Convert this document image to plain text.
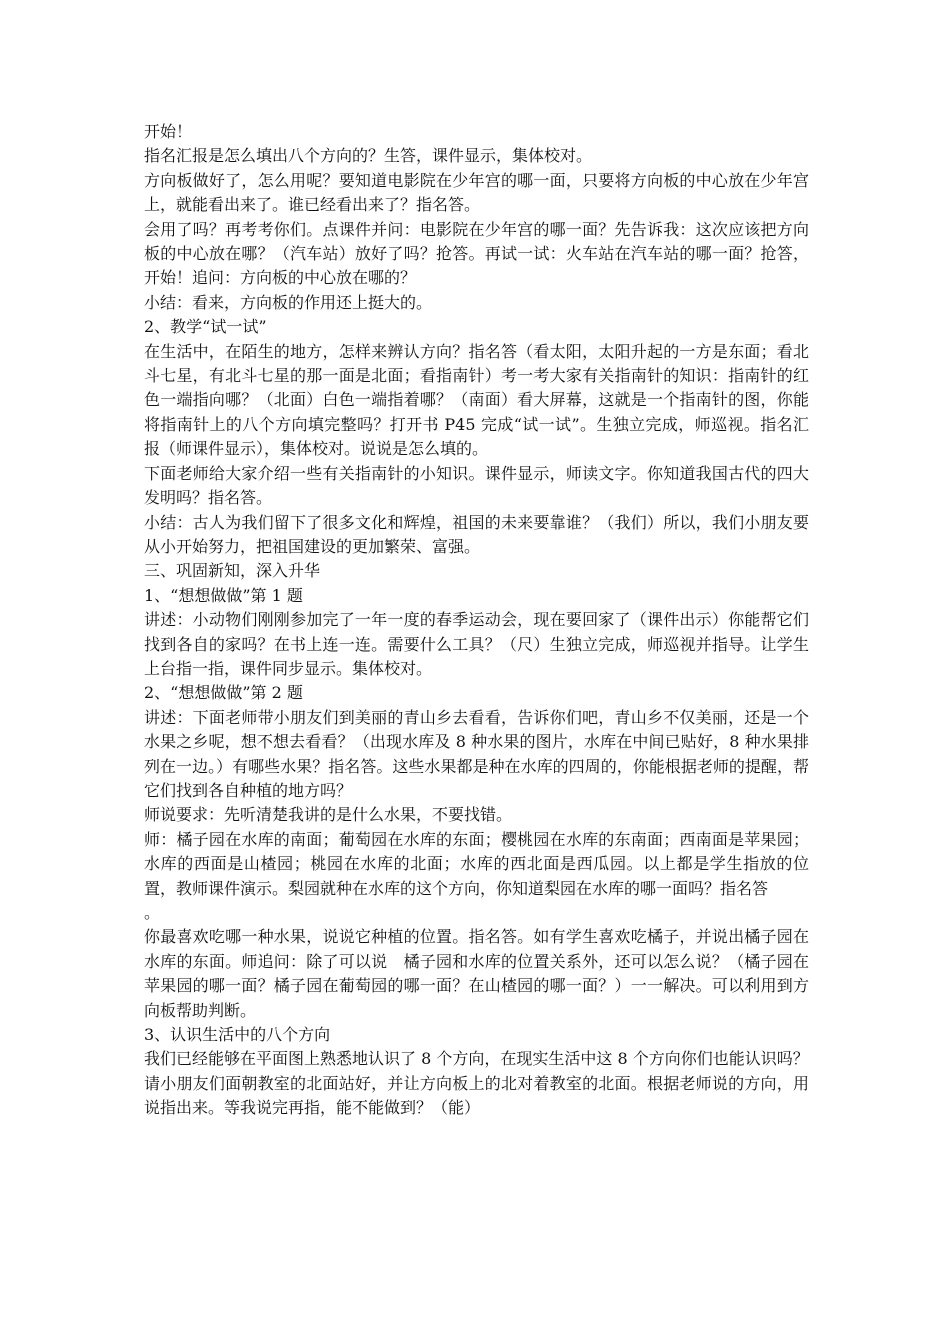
开始！

指名汇报是怎么填出八个方向的？生答，课件显示，集体校对。

方向板做好了，怎么用呢？要知道电影院在少年宫的哪一面，只要将方向板的中心放在少年宫上，就能看出来了。谁已经看出来了？指名答。

会用了吗？再考考你们。点课件并问：电影院在少年宫的哪一面？先告诉我：这次应该把方向板的中心放在哪？（汽车站）放好了吗？抢答。再试一试：火车站在汽车站的哪一面？抢答，开始！追问：方向板的中心放在哪的？

小结：看来，方向板的作用还上挺大的。

2、教学“试一试”

在生活中，在陌生的地方，怎样来辨认方向？指名答（看太阳，太阳升起的一方是东面；看北斗七星，有北斗七星的那一面是北面；看指南针）考一考大家有关指南针的知识：指南针的红色一端指向哪？（北面）白色一端指着哪？（南面）看大屏幕，这就是一个指南针的图，你能将指南针上的八个方向填完整吗？打开书 P45 完成“试一试”。生独立完成，师巡视。指名汇报（师课件显示），集体校对。说说是怎么填的。

下面老师给大家介绍一些有关指南针的小知识。课件显示，师读文字。你知道我国古代的四大发明吗？指名答。

小结：古人为我们留下了很多文化和辉煌，祖国的未来要靠谁？（我们）所以，我们小朋友要从小开始努力，把祖国建设的更加繁荣、富强。

三、巩固新知，深入升华

1、“想想做做”第 1 题

讲述：小动物们刚刚参加完了一年一度的春季运动会，现在要回家了（课件出示）你能帮它们找到各自的家吗？在书上连一连。需要什么工具？（尺）生独立完成，师巡视并指导。让学生上台指一指，课件同步显示。集体校对。

2、“想想做做”第 2 题

讲述：下面老师带小朋友们到美丽的青山乡去看看，告诉你们吧，青山乡不仅美丽，还是一个水果之乡呢，想不想去看看？（出现水库及 8 种水果的图片，水库在中间已贴好，8 种水果排列在一边。）有哪些水果？指名答。这些水果都是种在水库的四周的，你能根据老师的提醒，帮它们找到各自种植的地方吗？

师说要求：先听清楚我讲的是什么水果，不要找错。

师：橘子园在水库的南面；葡萄园在水库的东面；樱桃园在水库的东南面；西南面是苹果园；水库的西面是山楂园；桃园在水库的北面；水库的西北面是西瓜园。以上都是学生指放的位置，教师课件演示。梨园就种在水库的这个方向，你知道梨园在水库的哪一面吗？指名答

。

你最喜欢吃哪一种水果，说说它种植的位置。指名答。如有学生喜欢吃橘子，并说出橘子园在水库的东面。师追问：除了可以说　橘子园和水库的位置关系外，还可以怎么说？（橘子园在苹果园的哪一面？橘子园在葡萄园的哪一面？在山楂园的哪一面？）一一解决。可以利用到方向板帮助判断。

3、认识生活中的八个方向

我们已经能够在平面图上熟悉地认识了 8 个方向，在现实生活中这 8 个方向你们也能认识吗？

请小朋友们面朝教室的北面站好，并让方向板上的北对着教室的北面。根据老师说的方向，用说指出来。等我说完再指，能不能做到？（能）
